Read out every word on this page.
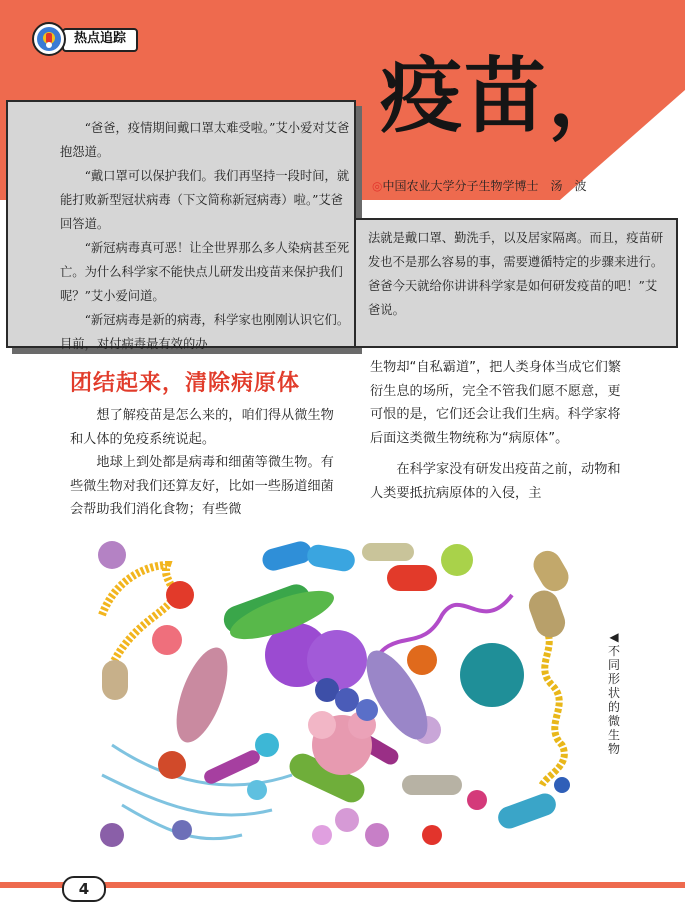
热点追踪
疫苗，
◎中国农业大学分子生物学博士　汤　波

“爸爸，疫情期间戴口罩太难受啦。”艾小爱对艾爸抱怨道。

“戴口罩可以保护我们。我们再坚持一段时间，就能打败新型冠状病毒（下文简称新冠病毒）啦。”艾爸回答道。

“新冠病毒真可恶！让全世界那么多人染病甚至死亡。为什么科学家不能快点儿研发出疫苗来保护我们呢？”艾小爱问道。

“新冠病毒是新的病毒，科学家也刚刚认识它们。目前，对付病毒最有效的办

法就是戴口罩、勤洗手，以及居家隔离。而且，疫苗研发也不是那么容易的事，需要遵循特定的步骤来进行。爸爸今天就给你讲讲科学家是如何研发疫苗的吧！”艾爸说。

团结起来，清除病原体

想了解疫苗是怎么来的，咱们得从微生物和人体的免疫系统说起。

地球上到处都是病毒和细菌等微生物。有些微生物对我们还算友好，比如一些肠道细菌会帮助我们消化食物；有些微

生物却“自私霸道”，把人类身体当成它们繁衍生息的场所，完全不管我们愿不愿意，更可恨的是，它们还会让我们生病。科学家将后面这类微生物统称为“病原体”。

在科学家没有研发出疫苗之前，动物和人类要抵抗病原体的入侵，主

◀不同形状的微生物
4
